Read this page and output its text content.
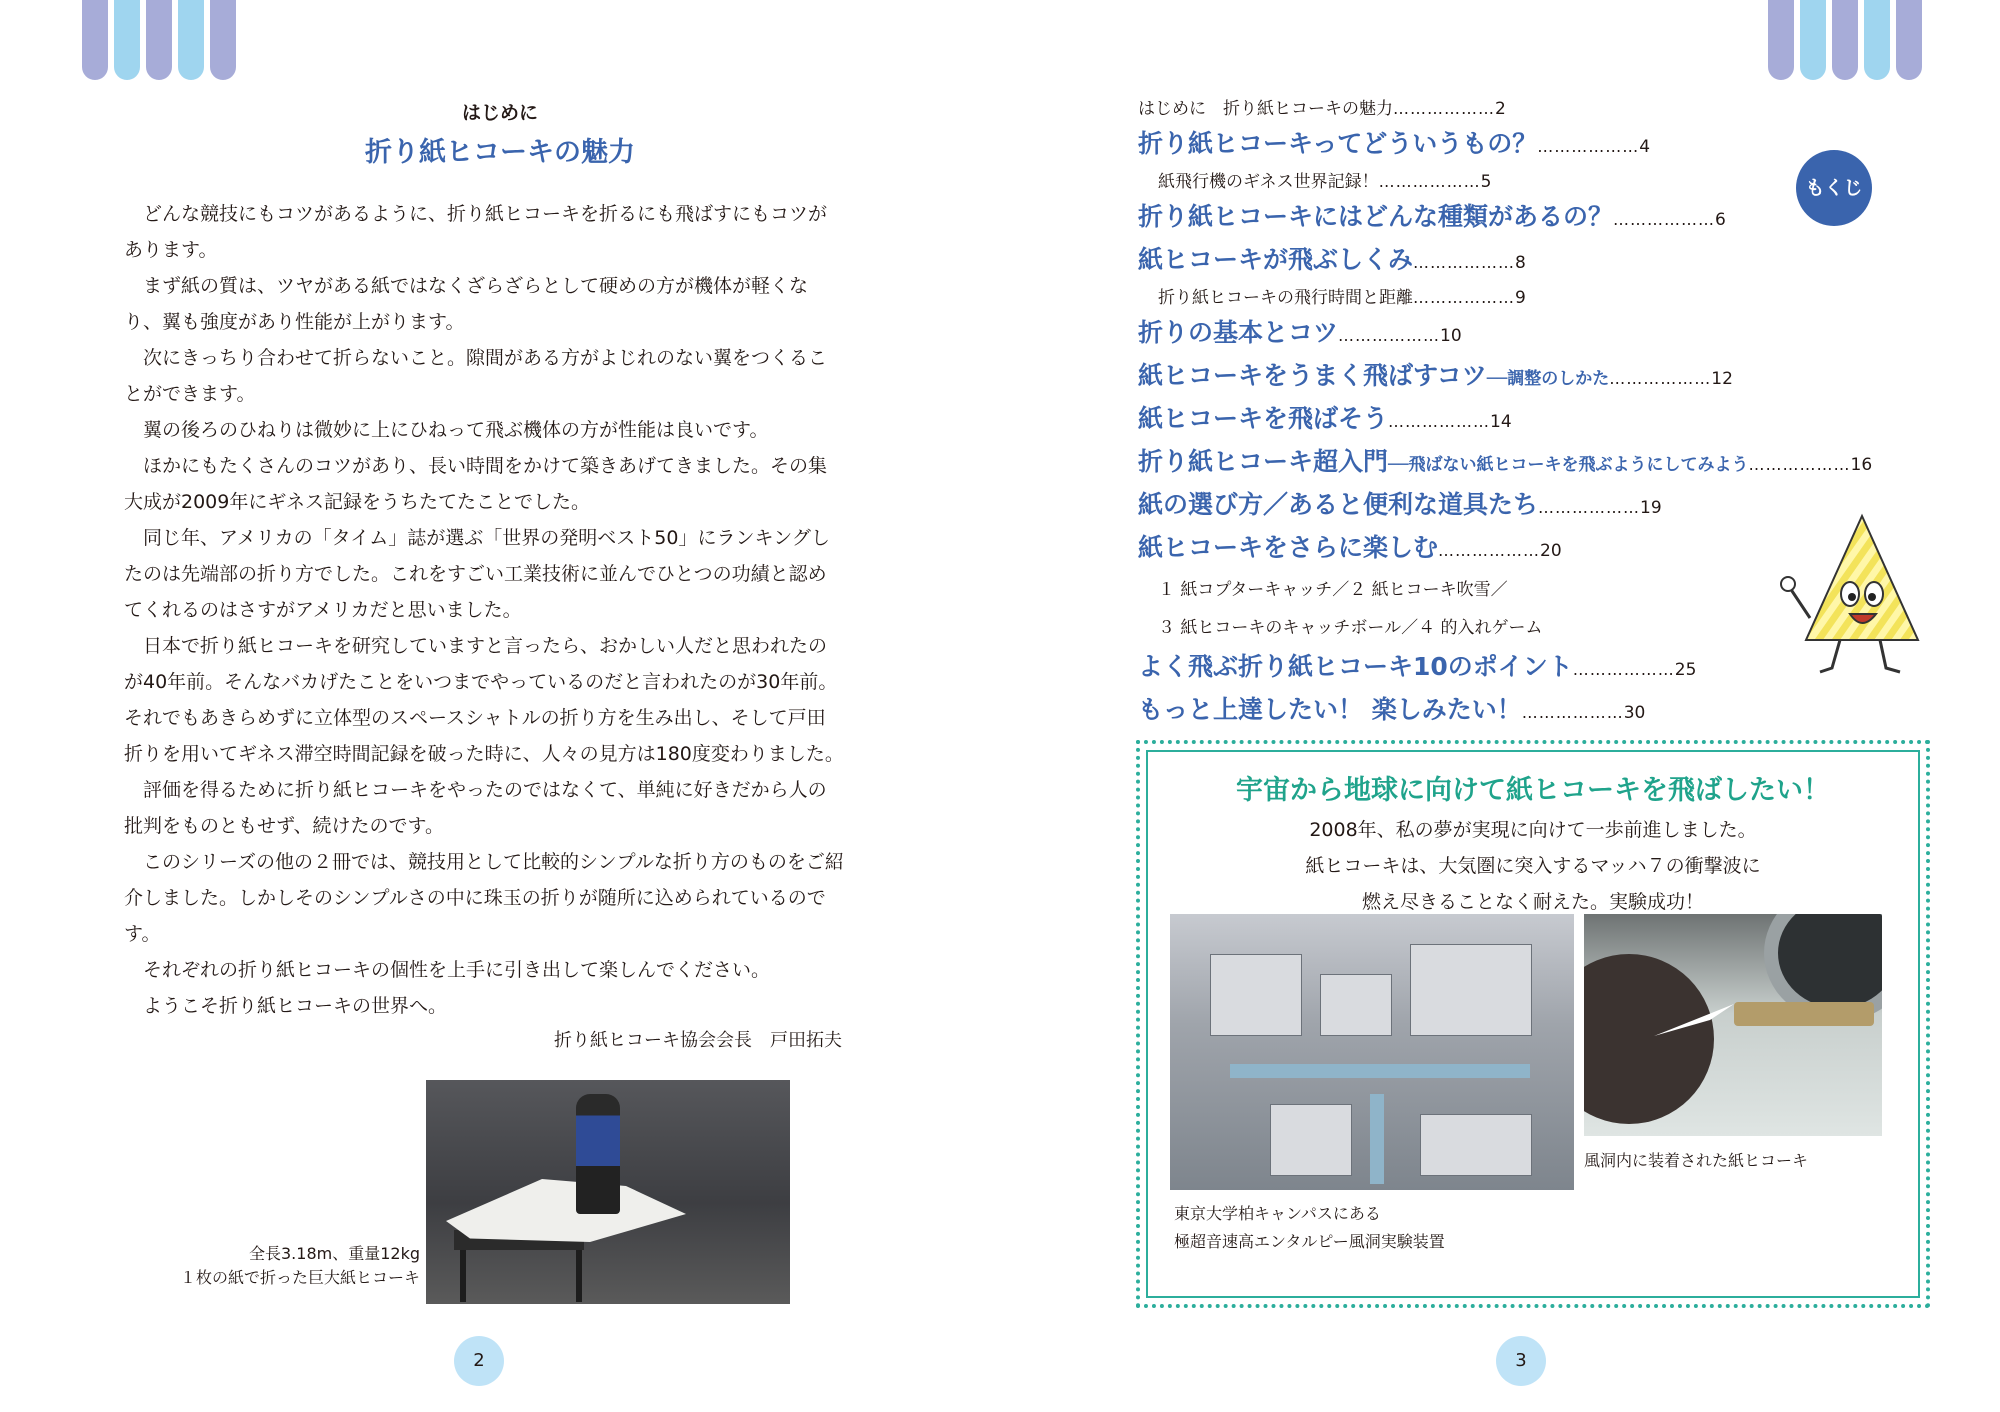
はじめに
折り紙ヒコーキの魅力

どんな競技にもコツがあるように、折り紙ヒコーキを折るにも飛ばすにもコツがあります。

まず紙の質は、ツヤがある紙ではなくざらざらとして硬めの方が機体が軽くなり、翼も強度があり性能が上がります。

次にきっちり合わせて折らないこと。隙間がある方がよじれのない翼をつくることができます。

翼の後ろのひねりは微妙に上にひねって飛ぶ機体の方が性能は良いです。

ほかにもたくさんのコツがあり、長い時間をかけて築きあげてきました。その集大成が2009年にギネス記録をうちたてたことでした。

同じ年、アメリカの「タイム」誌が選ぶ「世界の発明ベスト50」にランキングしたのは先端部の折り方でした。これをすごい工業技術に並んでひとつの功績と認めてくれるのはさすがアメリカだと思いました。

日本で折り紙ヒコーキを研究していますと言ったら、おかしい人だと思われたのが40年前。そんなバカげたことをいつまでやっているのだと言われたのが30年前。それでもあきらめずに立体型のスペースシャトルの折り方を生み出し、そして戸田折りを用いてギネス滞空時間記録を破った時に、人々の見方は180度変わりました。

評価を得るために折り紙ヒコーキをやったのではなくて、単純に好きだから人の批判をものともせず、続けたのです。

このシリーズの他の２冊では、競技用として比較的シンプルな折り方のものをご紹介しました。しかしそのシンプルさの中に珠玉の折りが随所に込められているのです。

それぞれの折り紙ヒコーキの個性を上手に引き出して楽しんでください。

ようこそ折り紙ヒコーキの世界へ。

折り紙ヒコーキ協会会長　戸田拓夫
全長3.18m、重量12kg
１枚の紙で折った巨大紙ヒコーキ
2
はじめに　折り紙ヒコーキの魅力………………2
折り紙ヒコーキってどういうもの？………………4
紙飛行機のギネス世界記録！………………5
折り紙ヒコーキにはどんな種類があるの？………………6
紙ヒコーキが飛ぶしくみ………………8
折り紙ヒコーキの飛行時間と距離………………9
折りの基本とコツ………………10
紙ヒコーキをうまく飛ばすコツ──調整のしかた………………12
紙ヒコーキを飛ばそう………………14
折り紙ヒコーキ超入門──飛ばない紙ヒコーキを飛ぶようにしてみよう………………16
紙の選び方／あると便利な道具たち………………19
紙ヒコーキをさらに楽しむ………………20
１ 紙コプターキャッチ／２ 紙ヒコーキ吹雪／
３ 紙ヒコーキのキャッチボール／４ 的入れゲーム
よく飛ぶ折り紙ヒコーキ10のポイント………………25
もっと上達したい！ 楽しみたい！………………30
もくじ
宇宙から地球に向けて紙ヒコーキを飛ばしたい！
2008年、私の夢が実現に向けて一歩前進しました。
紙ヒコーキは、大気圏に突入するマッハ７の衝撃波に
燃え尽きることなく耐えた。実験成功！
東京大学柏キャンパスにある
極超音速高エンタルピー風洞実験装置
風洞内に装着された紙ヒコーキ
3
